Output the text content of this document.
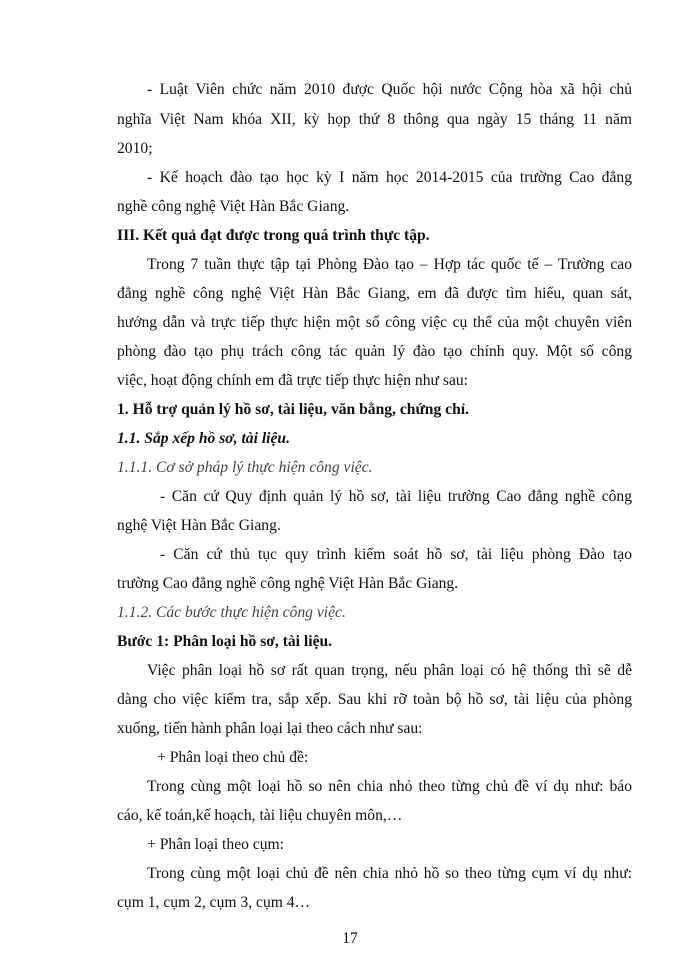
- Luật Viên chức năm 2010 được Quốc hội nước Cộng hòa xã hội chủ
nghĩa Việt Nam khóa XII, kỳ họp thứ 8 thông qua ngày 15 tháng 11 năm
2010;
- Kế hoạch đào tạo học kỳ I năm học 2014-2015 của trường Cao đẳng
nghề công nghệ Việt Hàn Bắc Giang.
III. Kết quả đạt được trong quá trình thực tập.
Trong 7 tuần thực tập tại Phòng Đào tạo – Hợp tác quốc tế – Trường cao
đẳng nghề công nghệ Việt Hàn Bắc Giang, em đã được tìm hiểu, quan sát,
hướng dẫn và trực tiếp thực hiện một số công việc cụ thể của một chuyên viên
phòng đào tạo phụ trách công tác quản lý đào tạo chính quy. Một số công
việc, hoạt động chính em đã trực tiếp thực hiện như sau:
1. Hỗ trợ quản lý hồ sơ, tài liệu, văn bằng, chứng chỉ.
1.1. Sắp xếp hồ sơ, tài liệu.
1.1.1. Cơ sở pháp lý thực hiện công việc.
- Căn cứ Quy định quản lý hồ sơ, tài liệu trường Cao đẳng nghề công
nghệ Việt Hàn Bắc Giang.
- Căn cứ thủ tục quy trình kiểm soát hồ sơ, tài liệu phòng Đào tạo
trường Cao đẳng nghề công nghệ Việt Hàn Bắc Giang.
1.1.2. Các bước thực hiện công việc.
Bước 1: Phân loại hồ sơ, tài liệu.
Việc phân loại hồ sơ rất quan trọng, nếu phân loại có hệ thống thì sẽ dễ
dàng cho việc kiểm tra, sắp xếp. Sau khi rỡ toàn bộ hồ sơ, tài liệu của phòng
xuống, tiến hành phân loại lại theo cách như sau:
+ Phân loại theo chủ đề:
Trong cùng một loại hồ so nên chia nhỏ theo từng chủ đề ví dụ như: báo
cáo, kế toán,kế hoạch, tài liệu chuyên môn,…
+ Phân loại theo cụm:
Trong cùng một loại chủ đề nên chia nhỏ hồ so theo từng cụm ví dụ như:
17
cụm 1, cụm 2, cụm 3, cụm 4…
